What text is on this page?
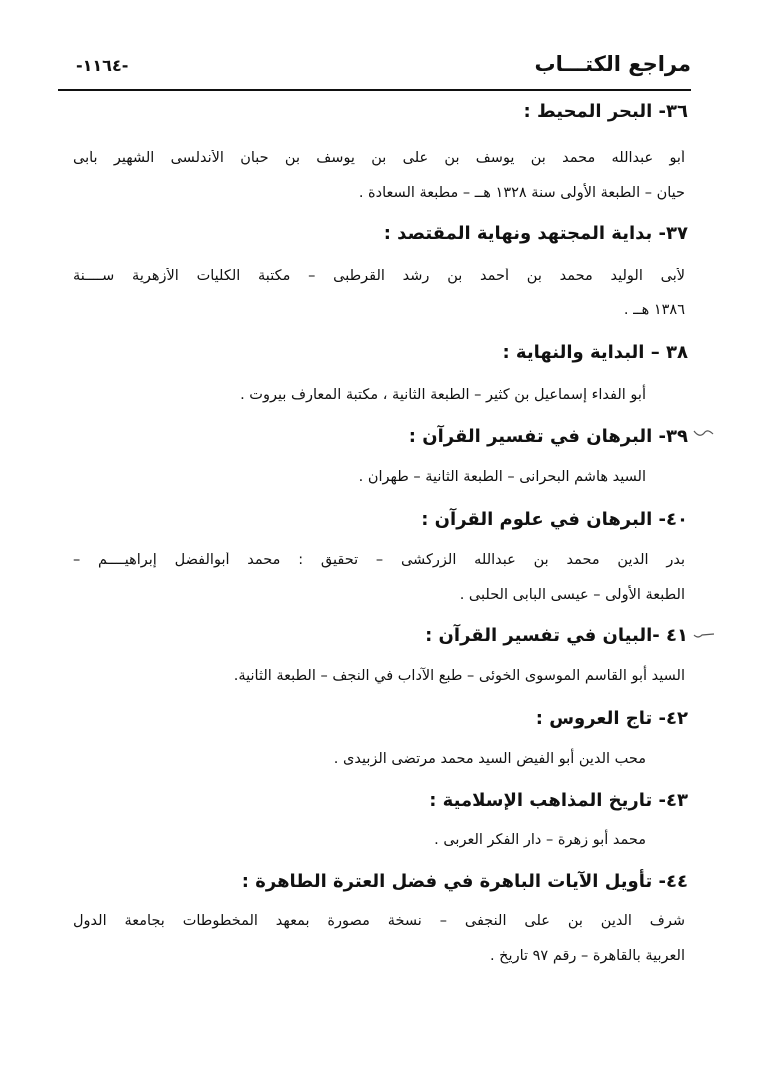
مراجع الكتـــاب
-١١٦٤-
٣٦- البحر المحيط :
أبو عبدالله محمد بن يوسف بن على بن يوسف بن حبان الأندلسى الشهير بأبى
حيان – الطبعة الأولى سنة ١٣٢٨ هــ – مطبعة السعادة .
٣٧- بداية المجتهد ونهاية المقتصد :
لأبى الوليد محمد بن أحمد بن رشد القرطبى – مكتبة الكليات الأزهرية ســــنة
١٣٨٦ هــ .
٣٨ – البداية والنهاية :
أبو الفداء إسماعيل بن كثير – الطبعة الثانية ، مكتبة المعارف بيروت .
٣٩- البرهان في تفسير القرآن :
السيد هاشم البحرانى – الطبعة الثانية – طهران .
٤٠- البرهان في علوم القرآن :
بدر الدين محمد بن عبدالله الزركشى – تحقيق : محمد أبوالفضل إبراهيــــم –
الطبعة الأولى – عيسى البابى الحلبى .
٤١ -البيان في تفسير القرآن :
السيد أبو القاسم الموسوى الخوئى – طبع الآداب في النجف – الطبعة الثانية.
٤٢- تاج العروس :
محب الدين أبو الفيض السيد محمد مرتضى الزبيدى .
٤٣- تاريخ المذاهب الإسلامية :
محمد أبو زهرة – دار الفكر العربى .
٤٤- تأويل الآيات الباهرة في فضل العترة الطاهرة :
شرف الدين بن على النجفى – نسخة مصورة بمعهد المخطوطات بجامعة الدول
العربية بالقاهرة – رقم ٩٧ تاريخ .
